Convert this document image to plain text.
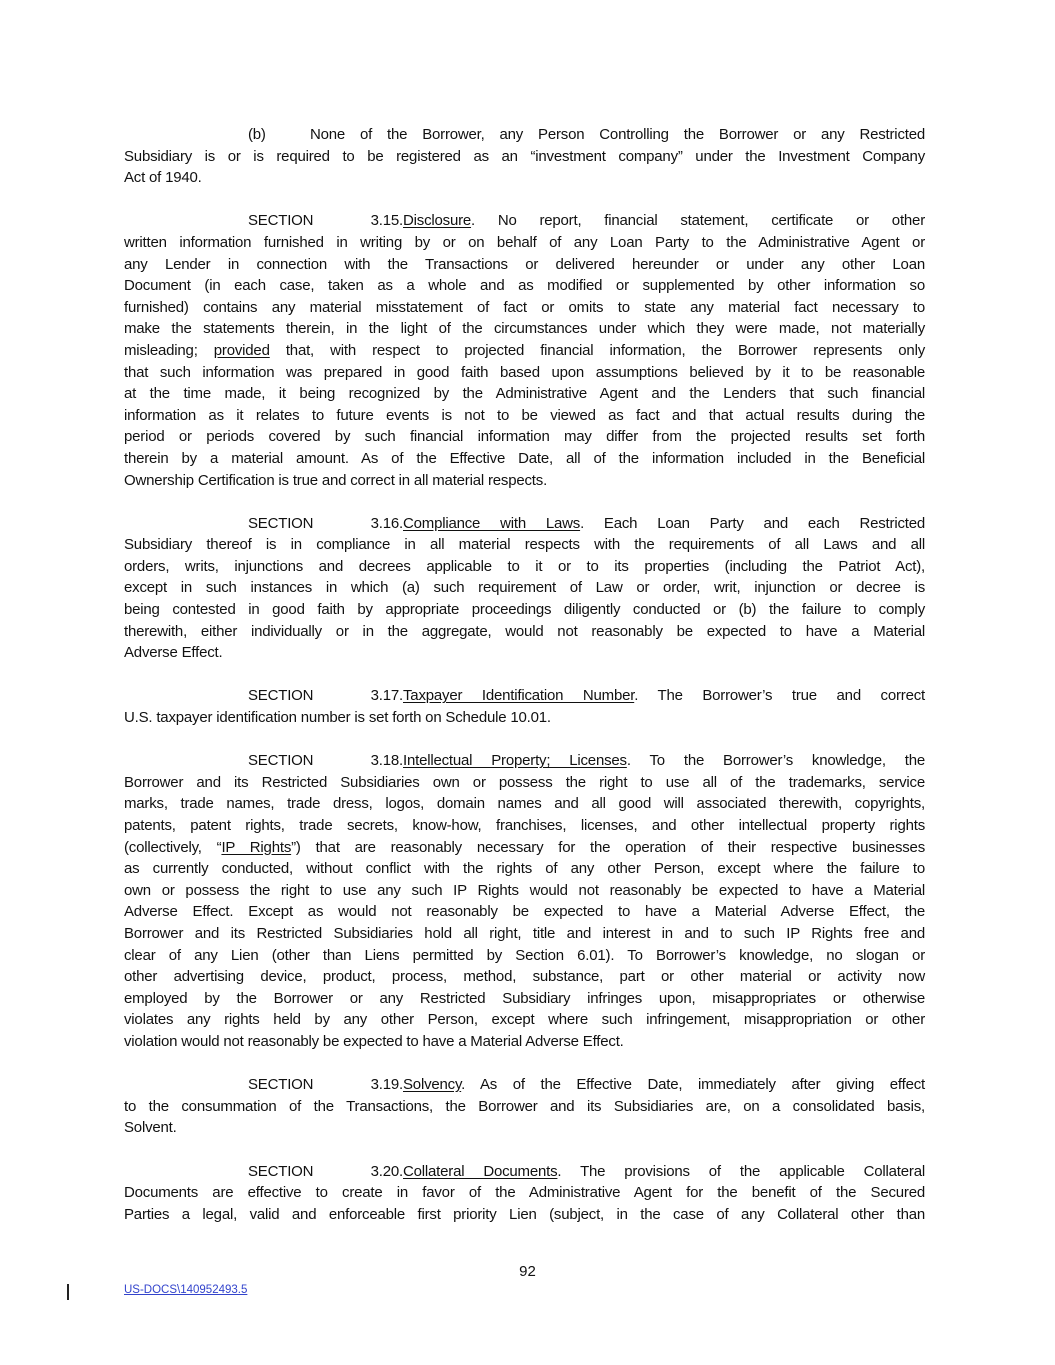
(b)	None of the Borrower, any Person Controlling the Borrower or any Restricted
Subsidiary is or is required to be registered as an “investment company” under the Investment Company
Act of 1940.
SECTION 3.15. Disclosure. No report, financial statement, certificate or other
written information furnished in writing by or on behalf of any Loan Party to the Administrative Agent or
any Lender in connection with the Transactions or delivered hereunder or under any other Loan
Document (in each case, taken as a whole and as modified or supplemented by other information so
furnished) contains any material misstatement of fact or omits to state any material fact necessary to
make the statements therein, in the light of the circumstances under which they were made, not materially
misleading; provided that, with respect to projected financial information, the Borrower represents only
that such information was prepared in good faith based upon assumptions believed by it to be reasonable
at the time made, it being recognized by the Administrative Agent and the Lenders that such financial
information as it relates to future events is not to be viewed as fact and that actual results during the
period or periods covered by such financial information may differ from the projected results set forth
therein by a material amount. As of the Effective Date, all of the information included in the Beneficial
Ownership Certification is true and correct in all material respects.
SECTION 3.16. Compliance with Laws. Each Loan Party and each Restricted
Subsidiary thereof is in compliance in all material respects with the requirements of all Laws and all
orders, writs, injunctions and decrees applicable to it or to its properties (including the Patriot Act),
except in such instances in which (a) such requirement of Law or order, writ, injunction or decree is
being contested in good faith by appropriate proceedings diligently conducted or (b) the failure to comply
therewith, either individually or in the aggregate, would not reasonably be expected to have a Material
Adverse Effect.
SECTION 3.17. Taxpayer Identification Number. The Borrower’s true and correct
U.S. taxpayer identification number is set forth on Schedule 10.01.
SECTION 3.18. Intellectual Property; Licenses. To the Borrower’s knowledge, the
Borrower and its Restricted Subsidiaries own or possess the right to use all of the trademarks, service
marks, trade names, trade dress, logos, domain names and all good will associated therewith, copyrights,
patents, patent rights, trade secrets, know-how, franchises, licenses, and other intellectual property rights
(collectively, “IP Rights”) that are reasonably necessary for the operation of their respective businesses
as currently conducted, without conflict with the rights of any other Person, except where the failure to
own or possess the right to use any such IP Rights would not reasonably be expected to have a Material
Adverse Effect. Except as would not reasonably be expected to have a Material Adverse Effect, the
Borrower and its Restricted Subsidiaries hold all right, title and interest in and to such IP Rights free and
clear of any Lien (other than Liens permitted by Section 6.01). To Borrower’s knowledge, no slogan or
other advertising device, product, process, method, substance, part or other material or activity now
employed by the Borrower or any Restricted Subsidiary infringes upon, misappropriates or otherwise
violates any rights held by any other Person, except where such infringement, misappropriation or other
violation would not reasonably be expected to have a Material Adverse Effect.
SECTION 3.19. Solvency. As of the Effective Date, immediately after giving effect
to the consummation of the Transactions, the Borrower and its Subsidiaries are, on a consolidated basis,
Solvent.
SECTION 3.20. Collateral Documents. The provisions of the applicable Collateral
Documents are effective to create in favor of the Administrative Agent for the benefit of the Secured
Parties a legal, valid and enforceable first priority Lien (subject, in the case of any Collateral other than
92
US-DOCS\140952493.5
